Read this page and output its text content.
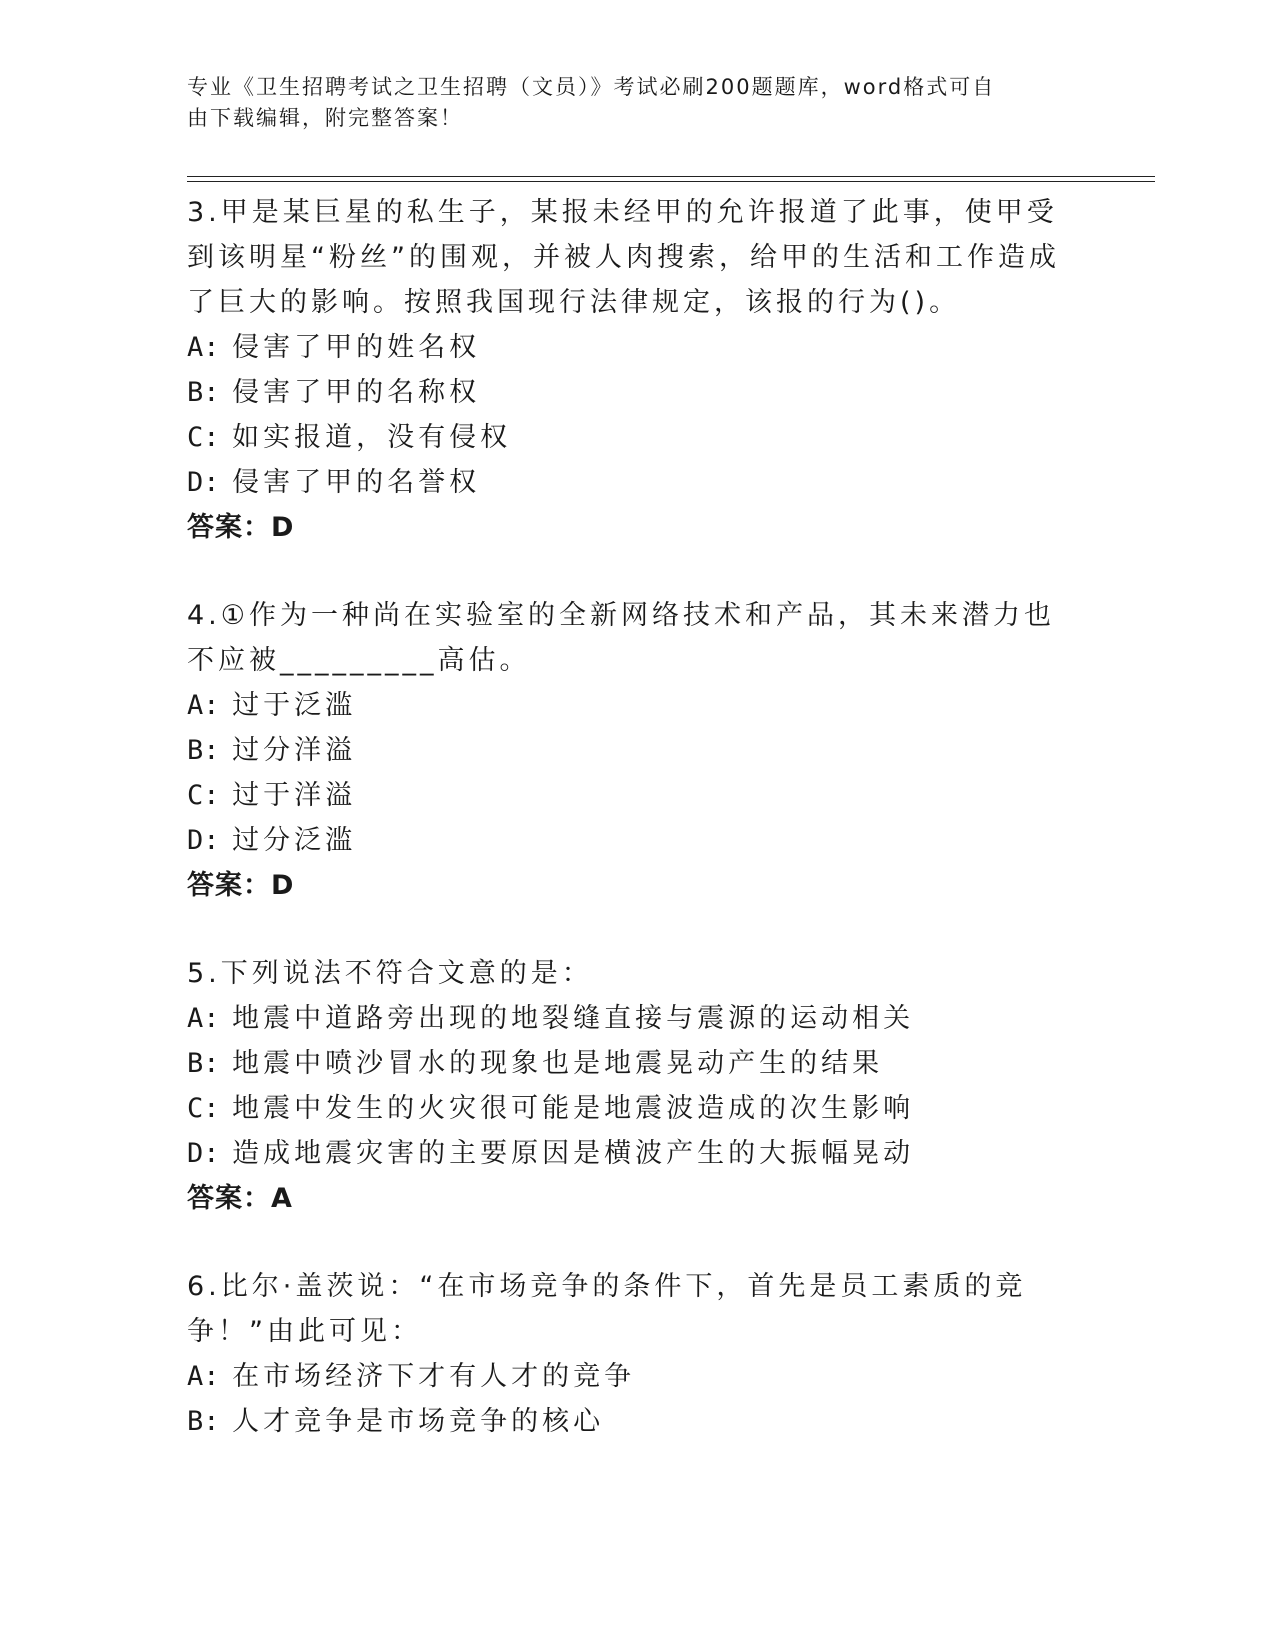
专业《卫生招聘考试之卫生招聘（文员）》考试必刷200题题库，word格式可自
由下载编辑，附完整答案！
3.甲是某巨星的私生子，某报未经甲的允许报道了此事，使甲受到该明星“粉丝”的围观，并被人肉搜索，给甲的生活和工作造成了巨大的影响。按照我国现行法律规定，该报的行为()。
A: 侵害了甲的姓名权
B: 侵害了甲的名称权
C: 如实报道，没有侵权
D: 侵害了甲的名誉权
答案：D
4.①作为一种尚在实验室的全新网络技术和产品，其未来潜力也不应被_________高估。
A: 过于泛滥
B: 过分洋溢
C: 过于洋溢
D: 过分泛滥
答案：D
5.下列说法不符合文意的是：
A: 地震中道路旁出现的地裂缝直接与震源的运动相关
B: 地震中喷沙冒水的现象也是地震晃动产生的结果
C: 地震中发生的火灾很可能是地震波造成的次生影响
D: 造成地震灾害的主要原因是横波产生的大振幅晃动
答案：A
6.比尔·盖茨说：“在市场竞争的条件下，首先是员工素质的竞争！”由此可见：
A: 在市场经济下才有人才的竞争
B: 人才竞争是市场竞争的核心
